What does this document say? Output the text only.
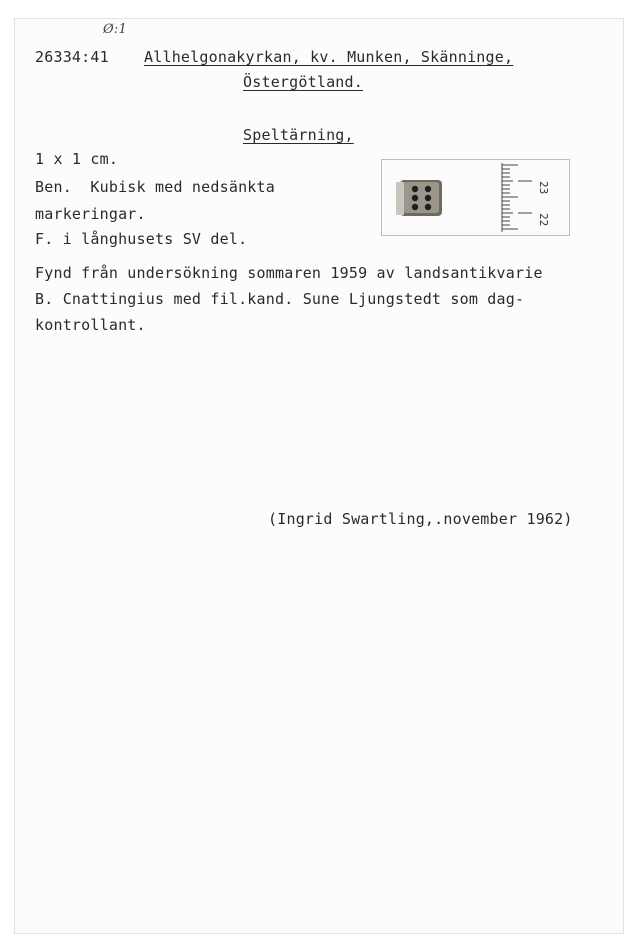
Ø:1
26334:41 Allhelgonakyrkan, kv. Munken, Skänninge,
Östergötland.
Speltärning,
1 x 1 cm.
Ben.  Kubisk med nedsänkta
markeringar.
F. i långhusets SV del.
23
22
Fynd från undersökning sommaren 1959 av landsantikvarie
B. Cnattingius med fil.kand. Sune Ljungstedt som dag-
kontrollant.
(Ingrid Swartling,.november 1962)
